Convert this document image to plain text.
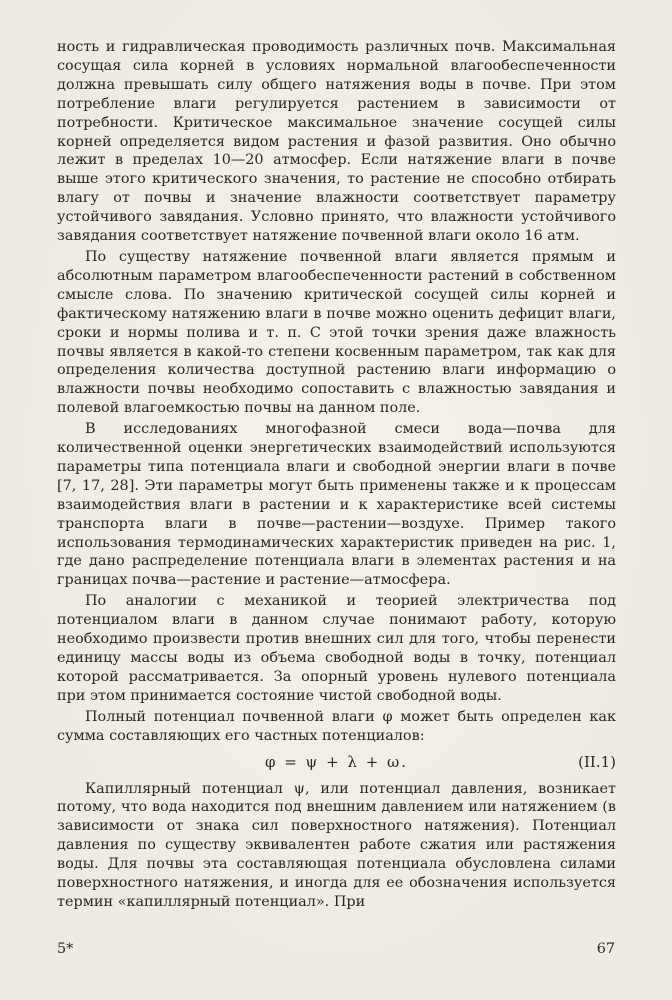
ность и гидравлическая проводимость различных почв. Максимальная сосущая сила корней в условиях нормальной влагообеспеченности должна превышать силу общего натяжения воды в почве. При этом потребление влаги регулируется растением в зависимости от потребности. Критическое максимальное значение сосущей силы корней определяется видом растения и фазой развития. Оно обычно лежит в пределах 10—20 атмосфер. Если натяжение влаги в почве выше этого критического значения, то растение не способно отбирать влагу от почвы и значение влажности соответствует параметру устойчивого завядания. Условно принято, что влажности устойчивого завядания соответствует натяжение почвенной влаги около 16 атм.

По существу натяжение почвенной влаги является прямым и абсолютным параметром влагообеспеченности растений в собственном смысле слова. По значению критической сосущей силы корней и фактическому натяжению влаги в почве можно оценить дефицит влаги, сроки и нормы полива и т. п. С этой точки зрения даже влажность почвы является в какой-то степени косвенным параметром, так как для определения количества доступной растению влаги информацию о влажности почвы необходимо сопоставить с влажностью завядания и полевой влагоемкостью почвы на данном поле.

В исследованиях многофазной смеси вода—почва для количественной оценки энергетических взаимодействий используются параметры типа потенциала влаги и свободной энергии влаги в почве [7, 17, 28]. Эти параметры могут быть применены также и к процессам взаимодействия влаги в растении и к характеристике всей системы транспорта влаги в почве—растении—воздухе. Пример такого использования термодинамических характеристик приведен на рис. 1, где дано распределение потенциала влаги в элементах растения и на границах почва—растение и растение—атмосфера.

По аналогии с механикой и теорией электричества под потенциалом влаги в данном случае понимают работу, которую необходимо произвести против внешних сил для того, чтобы перенести единицу массы воды из объема свободной воды в точку, потенциал которой рассматривается. За опорный уровень нулевого потенциала при этом принимается состояние чистой свободной воды.

Полный потенциал почвенной влаги φ может быть определен как сумма составляющих его частных потенциалов:

φ = ψ + λ + ω.	(II.1)

Капиллярный потенциал ψ, или потенциал давления, возникает потому, что вода находится под внешним давлением или натяжением (в зависимости от знака сил поверхностного натяжения). Потенциал давления по существу эквивалентен работе сжатия или растяжения воды. Для почвы эта составляющая потенциала обусловлена силами поверхностного натяжения, и иногда для ее обозначения используется термин «капиллярный потенциал». При

5*	67
